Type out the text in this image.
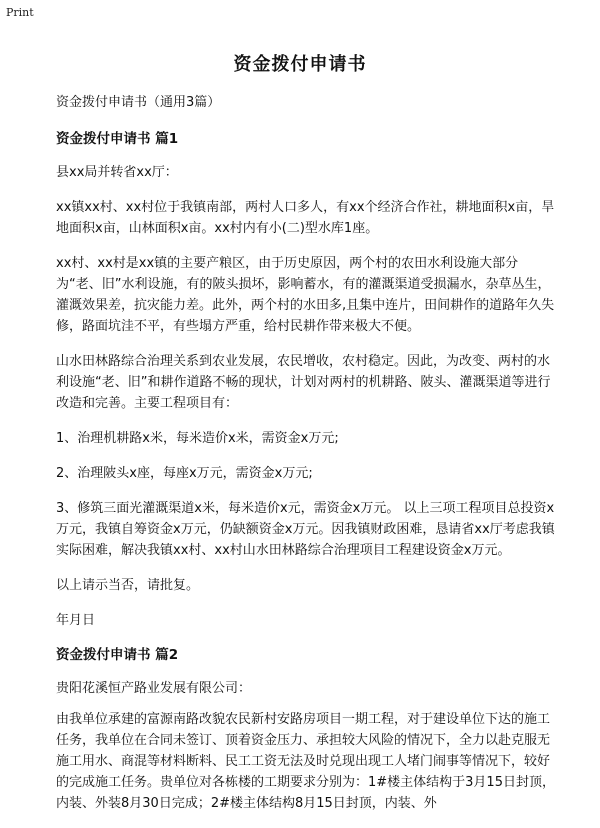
Print
资金拨付申请书
资金拨付申请书（通用3篇）
资金拨付申请书 篇1
县xx局并转省xx厅：
xx镇xx村、xx村位于我镇南部，两村人口多人，有xx个经济合作社，耕地面积x亩，旱地面积x亩，山林面积x亩。xx村内有小(二)型水库1座。
xx村、xx村是xx镇的主要产粮区，由于历史原因，两个村的农田水利设施大部分为“老、旧”水利设施，有的陂头损坏，影响蓄水，有的灌溉渠道受损漏水，杂草丛生，灌溉效果差，抗灾能力差。此外，两个村的水田多,且集中连片，田间耕作的道路年久失修，路面坑洼不平，有些塌方严重，给村民耕作带来极大不便。
山水田林路综合治理关系到农业发展，农民增收，农村稳定。因此，为改变、两村的水利设施“老、旧”和耕作道路不畅的现状，计划对两村的机耕路、陂头、灌溉渠道等进行改造和完善。主要工程项目有：
1、治理机耕路x米，每米造价x米，需资金x万元;
2、治理陂头x座，每座x万元，需资金x万元;
3、修筑三面光灌溉渠道x米，每米造价x元，需资金x万元。 以上三项工程项目总投资x万元，我镇自筹资金x万元，仍缺额资金x万元。因我镇财政困难，恳请省xx厅考虑我镇实际困难，解决我镇xx村、xx村山水田林路综合治理项目工程建设资金x万元。
以上请示当否，请批复。
年月日
资金拨付申请书 篇2
贵阳花溪恒产路业发展有限公司：
由我单位承建的富源南路改貌农民新村安路房项目一期工程，对于建设单位下达的施工任务，我单位在合同未签订、顶着资金压力、承担较大风险的情况下，全力以赴克服无施工用水、商混等材料断料、民工工资无法及时兑现出现工人堵门闹事等情况下，较好的完成施工任务。贵单位对各栋楼的工期要求分别为：1#楼主体结构于3月15日封顶，内装、外装8月30日完成；2#楼主体结构8月15日封顶，内装、外
